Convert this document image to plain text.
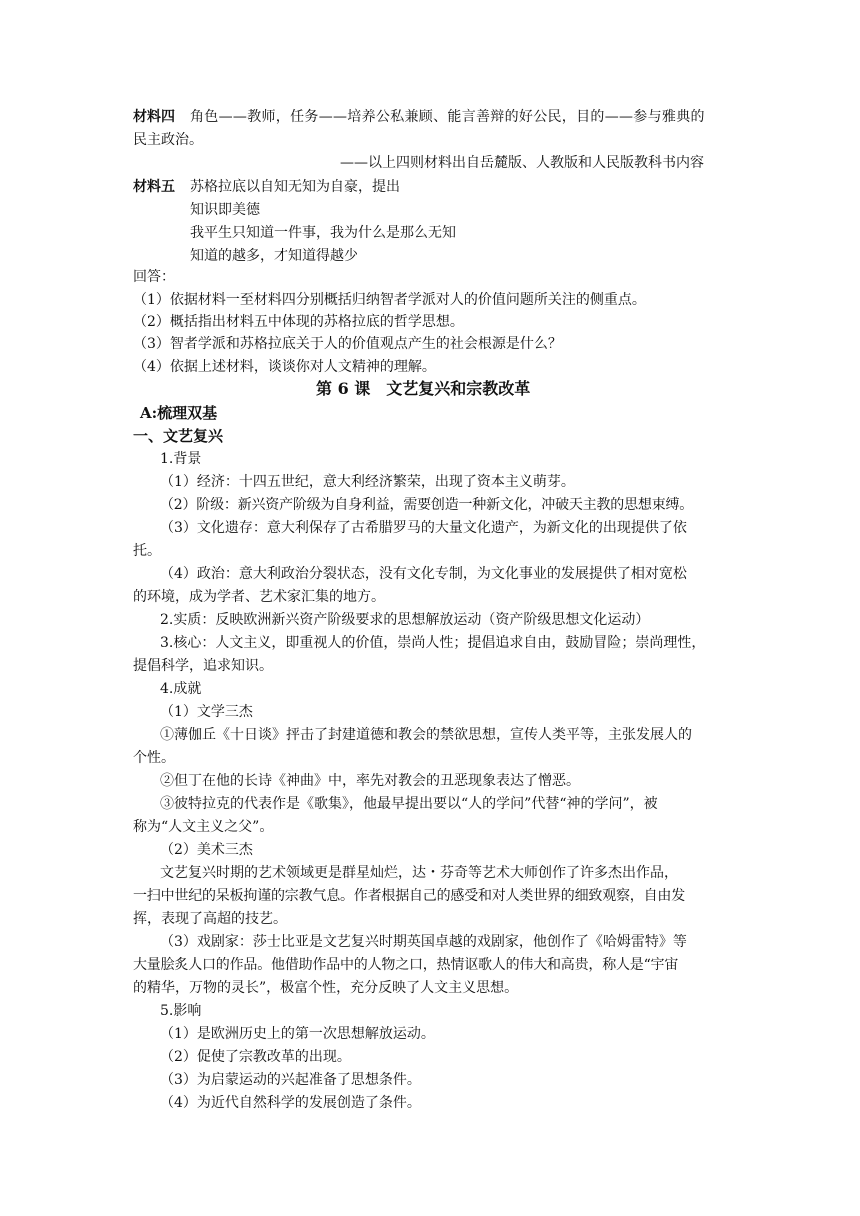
材料四 角色——教师，任务——培养公私兼顾、能言善辩的好公民，目的——参与雅典的
民主政治。
——以上四则材料出自岳麓版、人教版和人民版教科书内容
材料五 苏格拉底以自知无知为自豪，提出
知识即美德
我平生只知道一件事，我为什么是那么无知
知道的越多，才知道得越少
回答：
（1）依据材料一至材料四分别概括归纳智者学派对人的价值问题所关注的侧重点。
（2）概括指出材料五中体现的苏格拉底的哲学思想。
（3）智者学派和苏格拉底关于人的价值观点产生的社会根源是什么？
（4）依据上述材料，谈谈你对人文精神的理解。
第 6 课　文艺复兴和宗教改革
A:梳理双基
一、文艺复兴
1.背景
（1）经济：十四五世纪，意大利经济繁荣，出现了资本主义萌芽。
（2）阶级：新兴资产阶级为自身利益，需要创造一种新文化，冲破天主教的思想束缚。
（3）文化遗存：意大利保存了古希腊罗马的大量文化遗产，为新文化的出现提供了依
托。
（4）政治：意大利政治分裂状态，没有文化专制，为文化事业的发展提供了相对宽松
的环境，成为学者、艺术家汇集的地方。
2.实质：反映欧洲新兴资产阶级要求的思想解放运动（资产阶级思想文化运动）
3.核心：人文主义，即重视人的价值，崇尚人性；提倡追求自由，鼓励冒险；崇尚理性，
提倡科学，追求知识。
4.成就
（1）文学三杰
①薄伽丘《十日谈》抨击了封建道德和教会的禁欲思想，宣传人类平等，主张发展人的
个性。
②但丁在他的长诗《神曲》中，率先对教会的丑恶现象表达了憎恶。
③彼特拉克的代表作是《歌集》，他最早提出要以“人的学问”代替“神的学问”，被
称为“人文主义之父”。
（2）美术三杰
文艺复兴时期的艺术领域更是群星灿烂，达・芬奇等艺术大师创作了许多杰出作品，
一扫中世纪的呆板拘谨的宗教气息。作者根据自己的感受和对人类世界的细致观察，自由发
挥，表现了高超的技艺。
（3）戏剧家：莎士比亚是文艺复兴时期英国卓越的戏剧家，他创作了《哈姆雷特》等
大量脍炙人口的作品。他借助作品中的人物之口，热情讴歌人的伟大和高贵，称人是“宇宙
的精华，万物的灵长”，极富个性，充分反映了人文主义思想。
5.影响
（1）是欧洲历史上的第一次思想解放运动。
（2）促使了宗教改革的出现。
（3）为启蒙运动的兴起准备了思想条件。
（4）为近代自然科学的发展创造了条件。
